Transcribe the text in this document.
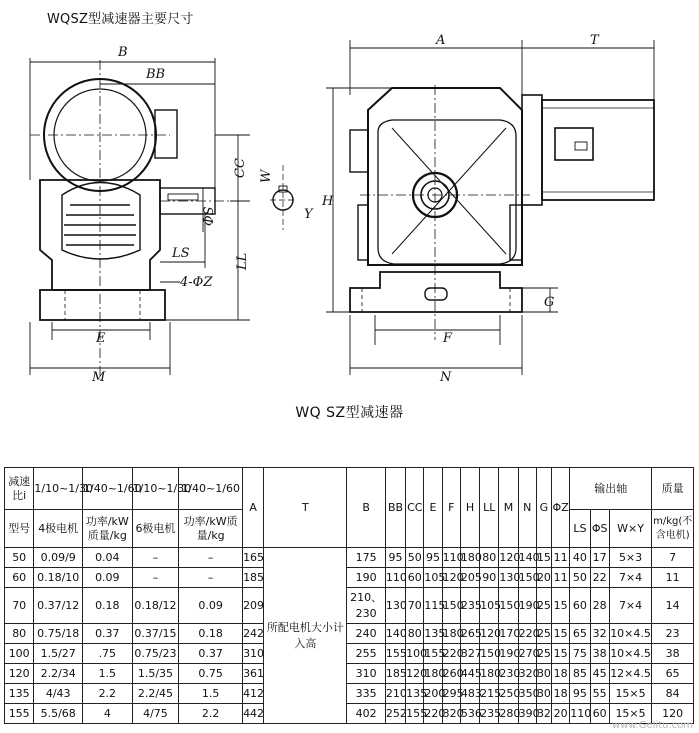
WQSZ型减速器主要尺寸
B
BB
CC W
Y
ΦS
LS	LL
4-ΦZ
E
M
A	T
H
G
F
N
WQ SZ型减速器
减速比i	1/10~1/30	1/40~1/60	1/10~1/30	1/40~1/60	A	T	B	BB	CC	E	F	H	LL	M	N	G	ΦZ	输出轴			质量
型号	4极电机	功率/kW质量/kg	6极电机	功率/kW质量/kg														LS	ΦS	W×Y	m/kg(不含电机)
50	0.09/9	0.04	–	–	165	所配电机大小计入高	175	95	50	95	110	180	80	120	140	15	11	40	17	5×3	7
60	0.18/10	0.09	–	–	185		190	110	60	105	120	205	90	130	150	20	11	50	22	7×4	11
70	0.37/12	0.18	0.18/12	0.09	209		210、230	130	70	115	150	235	105	150	190	25	15	60	28	7×4	14
80	0.75/18	0.37	0.37/15	0.18	242		240	140	80	135	180	265	120	170	220	25	15	65	32	10×4.5	23
100	1.5/27	.75	0.75/23	0.37	310		255	155	100	155	220	327	150	190	270	25	15	75	38	10×4.5	38
120	2.2/34	1.5	1.5/35	0.75	361		310	185	120	180	260	445	180	230	320	30	18	85	45	12×4.5	65
135	4/43	2.2	2.2/45	1.5	412		335	210	135	200	295	483	215	250	350	30	18	95	55	15×5	84
155	5.5/68	4	4/75	2.2	442		402	252	155	220	320	536	235	280	390	32	20	110	60	15×5	120
www.Gelitu.com
